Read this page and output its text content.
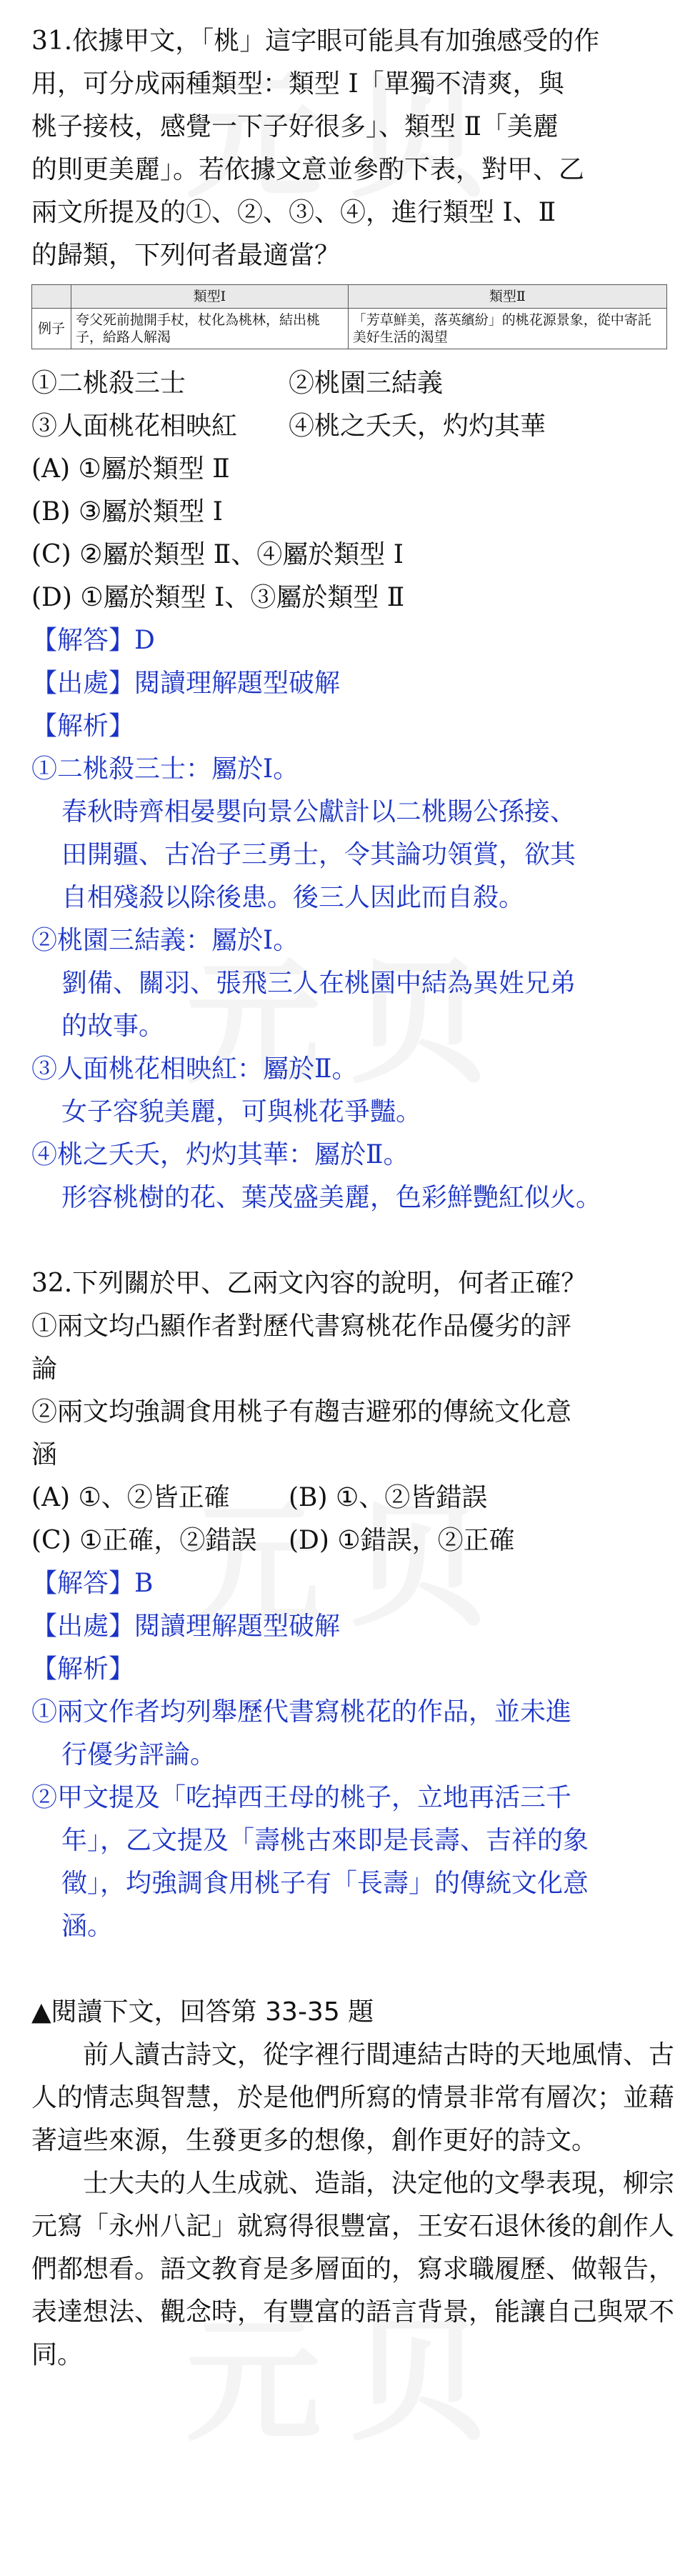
31.依據甲文，「桃」這字眼可能具有加強感受的作
用，可分成兩種類型：類型 Ⅰ「單獨不清爽，與
桃子接枝，感覺一下子好很多」、類型 Ⅱ「美麗
的則更美麗」。若依據文意並參酌下表，對甲、乙
兩文所提及的①、②、③、④，進行類型 Ⅰ、Ⅱ
的歸類，下列何者最適當？
	類型Ⅰ	類型Ⅱ
例子	夸父死前抛開手杖，杖化為桃林，結出桃子，給路人解渴	「芳草鮮美，落英繽紛」的桃花源景象，從中寄託美好生活的渴望
①二桃殺三士	②桃園三結義
③人面桃花相映紅	④桃之夭夭，灼灼其華
(A) ①屬於類型 Ⅱ
(B) ③屬於類型 Ⅰ
(C) ②屬於類型 Ⅱ、④屬於類型 Ⅰ
(D) ①屬於類型 Ⅰ、③屬於類型 Ⅱ
【解答】D
【出處】閱讀理解題型破解
【解析】
①二桃殺三士：屬於Ⅰ。
春秋時齊相晏嬰向景公獻計以二桃賜公孫接、
田開疆、古冶子三勇士，令其論功領賞，欲其
自相殘殺以除後患。後三人因此而自殺。
②桃園三結義：屬於Ⅰ。
劉備、關羽、張飛三人在桃園中結為異姓兄弟
的故事。
③人面桃花相映紅：屬於Ⅱ。
女子容貌美麗，可與桃花爭豔。
④桃之夭夭，灼灼其華：屬於Ⅱ。
形容桃樹的花、葉茂盛美麗，色彩鮮艷紅似火。
32.下列關於甲、乙兩文內容的說明，何者正確？
①兩文均凸顯作者對歷代書寫桃花作品優劣的評
論
②兩文均強調食用桃子有趨吉避邪的傳統文化意
涵
(A) ①、②皆正確	(B) ①、②皆錯誤
(C) ①正確，②錯誤	(D) ①錯誤，②正確
【解答】B
【出處】閱讀理解題型破解
【解析】
①兩文作者均列舉歷代書寫桃花的作品，並未進
行優劣評論。
②甲文提及「吃掉西王母的桃子，立地再活三千
年」，乙文提及「壽桃古來即是長壽、吉祥的象
徵」，均強調食用桃子有「長壽」的傳統文化意
涵。
▲閱讀下文，回答第 33-35 題
前人讀古詩文，從字裡行間連結古時的天地風情、古人的情志與智慧，於是他們所寫的情景非常有層次；並藉著這些來源，生發更多的想像，創作更好的詩文。
士大夫的人生成就、造詣，決定他的文學表現，柳宗元寫「永州八記」就寫得很豐富，王安石退休後的創作人們都想看。語文教育是多層面的，寫求職履歷、做報告，表達想法、觀念時，有豐富的語言背景，能讓自己與眾不同。
